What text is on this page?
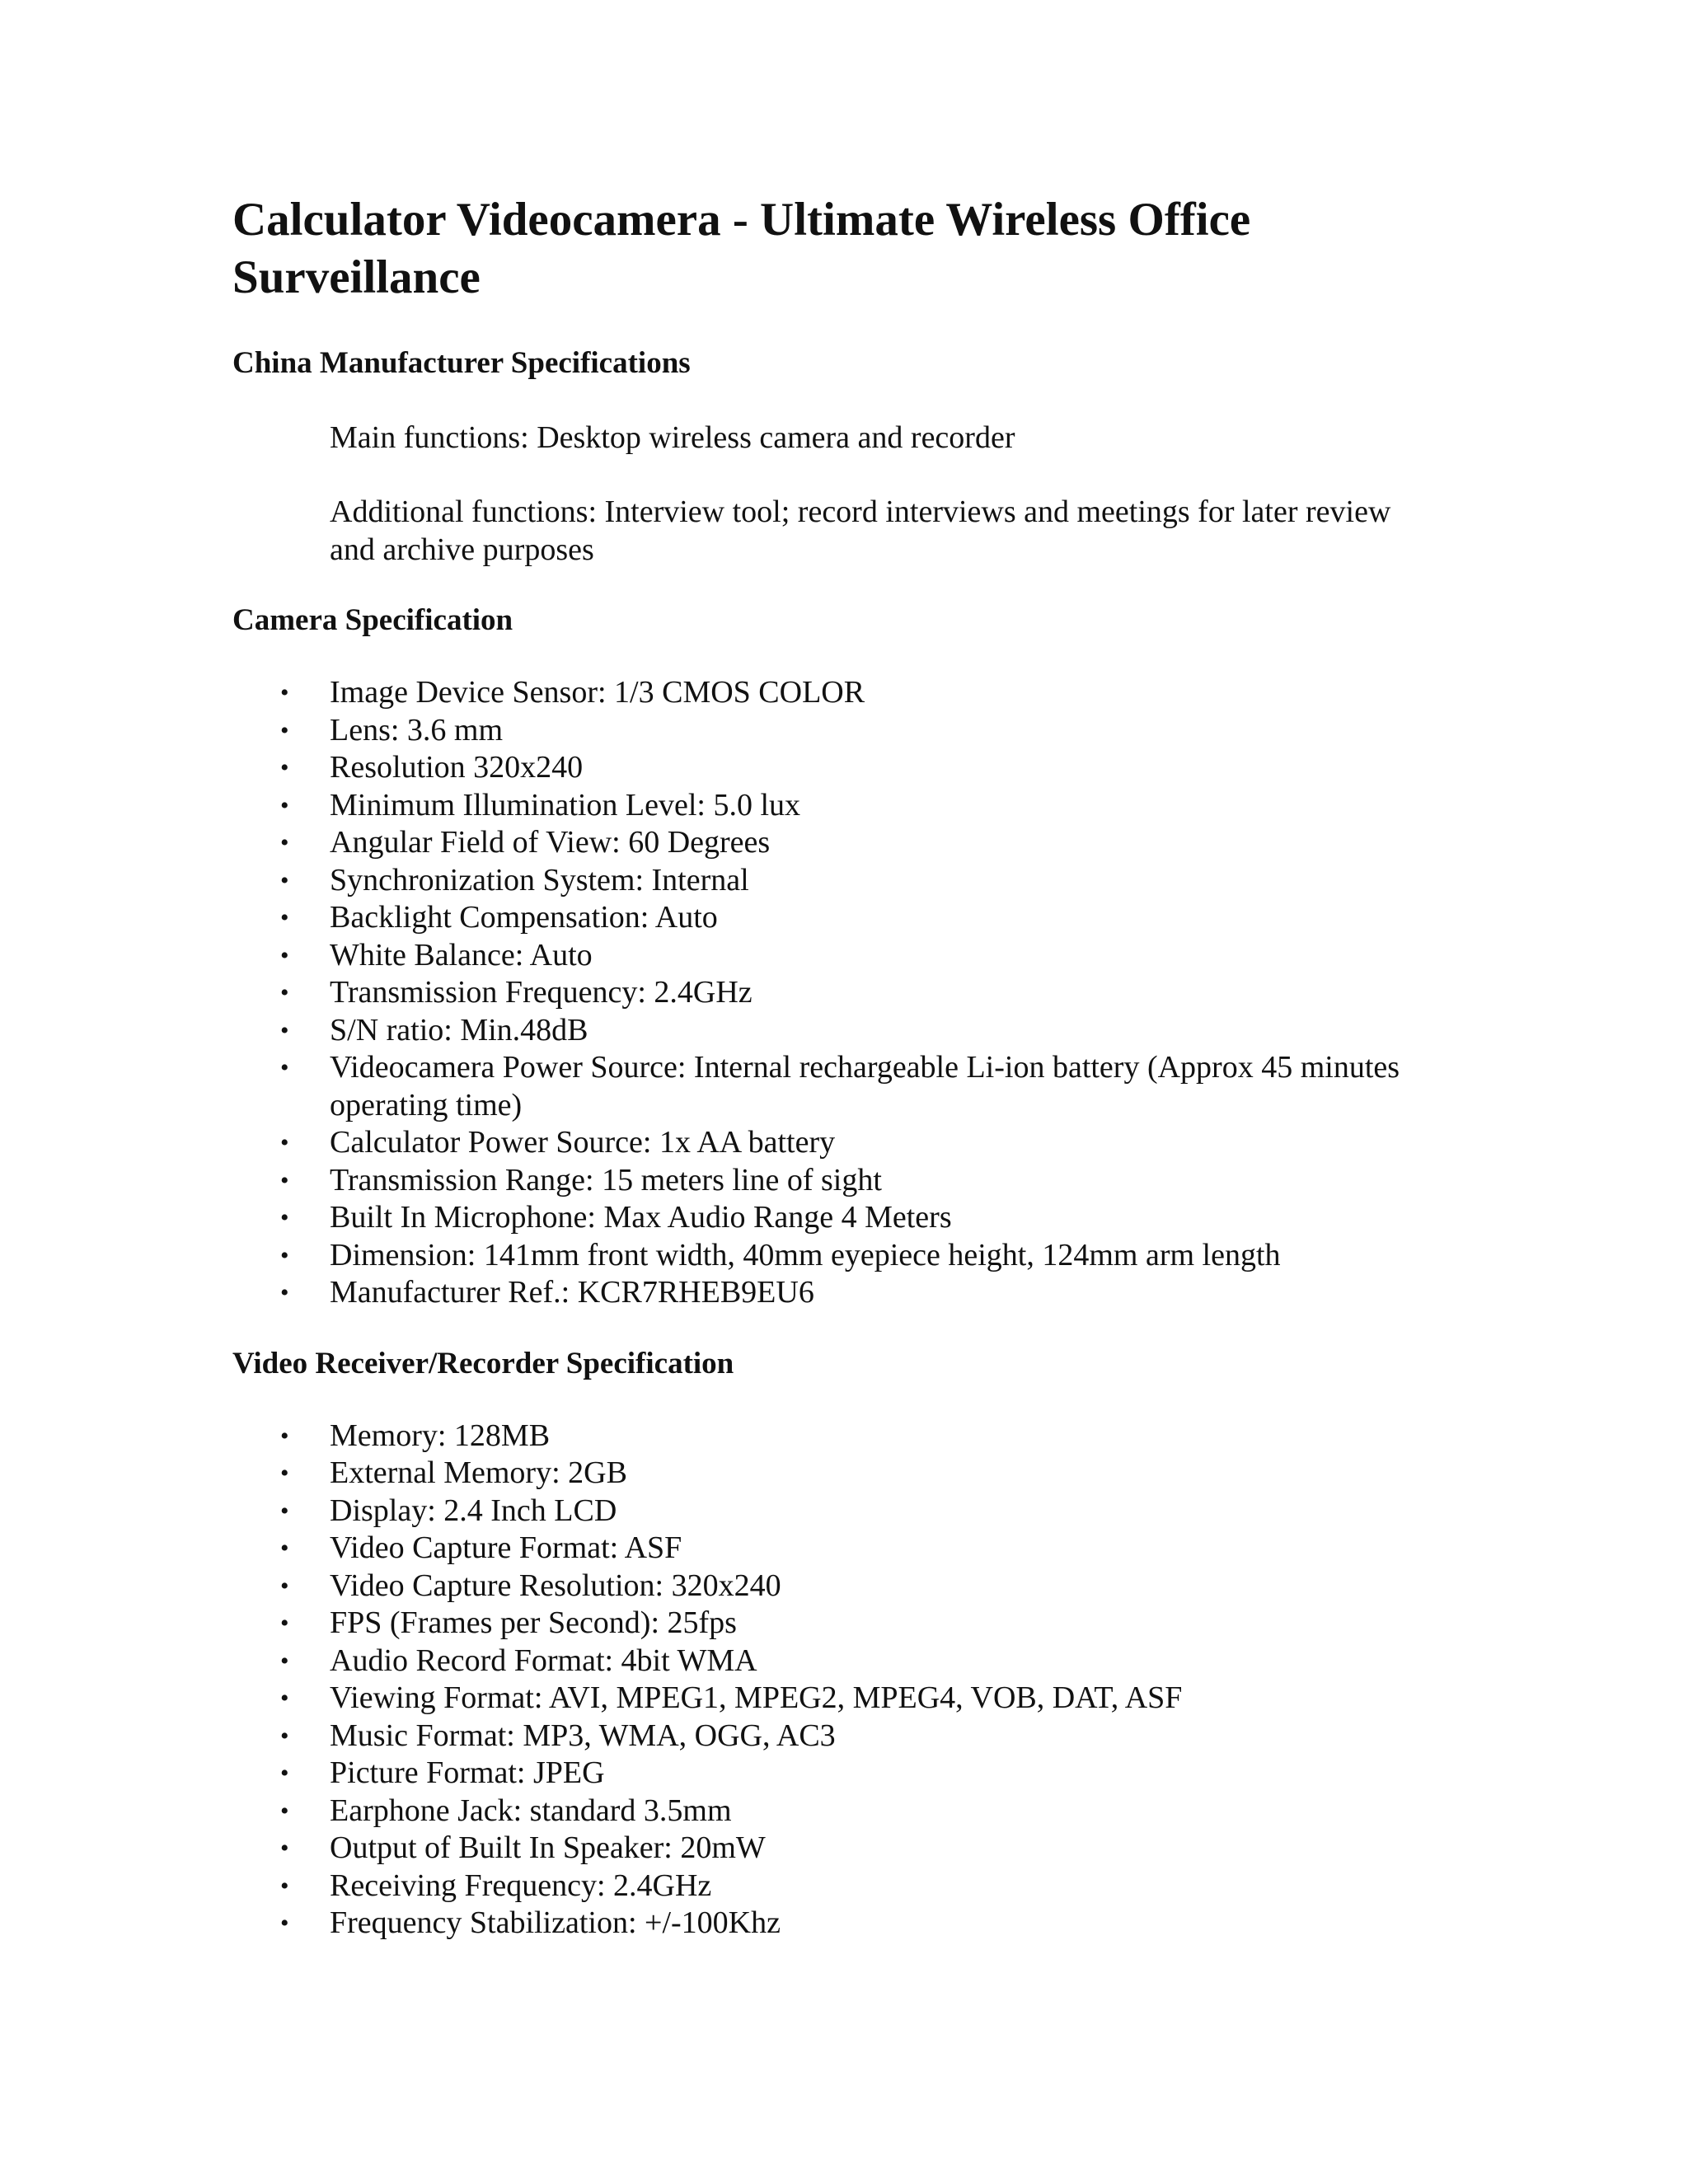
Calculator Videocamera - Ultimate Wireless Office Surveillance
China Manufacturer Specifications

Main functions: Desktop wireless camera and recorder

Additional functions: Interview tool; record interviews and meetings for later review and archive purposes

Camera Specification
• Image Device Sensor: 1/3 CMOS COLOR
• Lens: 3.6 mm
• Resolution 320x240
• Minimum Illumination Level: 5.0 lux
• Angular Field of View: 60 Degrees
• Synchronization System: Internal
• Backlight Compensation: Auto
• White Balance: Auto
• Transmission Frequency: 2.4GHz
• S/N ratio: Min.48dB
• Videocamera Power Source: Internal rechargeable Li-ion battery (Approx 45 minutes operating time)
• Calculator Power Source: 1x AA battery
• Transmission Range: 15 meters line of sight
• Built In Microphone: Max Audio Range 4 Meters
• Dimension: 141mm front width, 40mm eyepiece height, 124mm arm length
• Manufacturer Ref.: KCR7RHEB9EU6
Video Receiver/Recorder Specification
• Memory: 128MB
• External Memory: 2GB
• Display: 2.4 Inch LCD
• Video Capture Format: ASF
• Video Capture Resolution: 320x240
• FPS (Frames per Second): 25fps
• Audio Record Format: 4bit WMA
• Viewing Format: AVI, MPEG1, MPEG2, MPEG4, VOB, DAT, ASF
• Music Format: MP3, WMA, OGG, AC3
• Picture Format: JPEG
• Earphone Jack: standard 3.5mm
• Output of Built In Speaker: 20mW
• Receiving Frequency: 2.4GHz
• Frequency Stabilization: +/-100Khz
